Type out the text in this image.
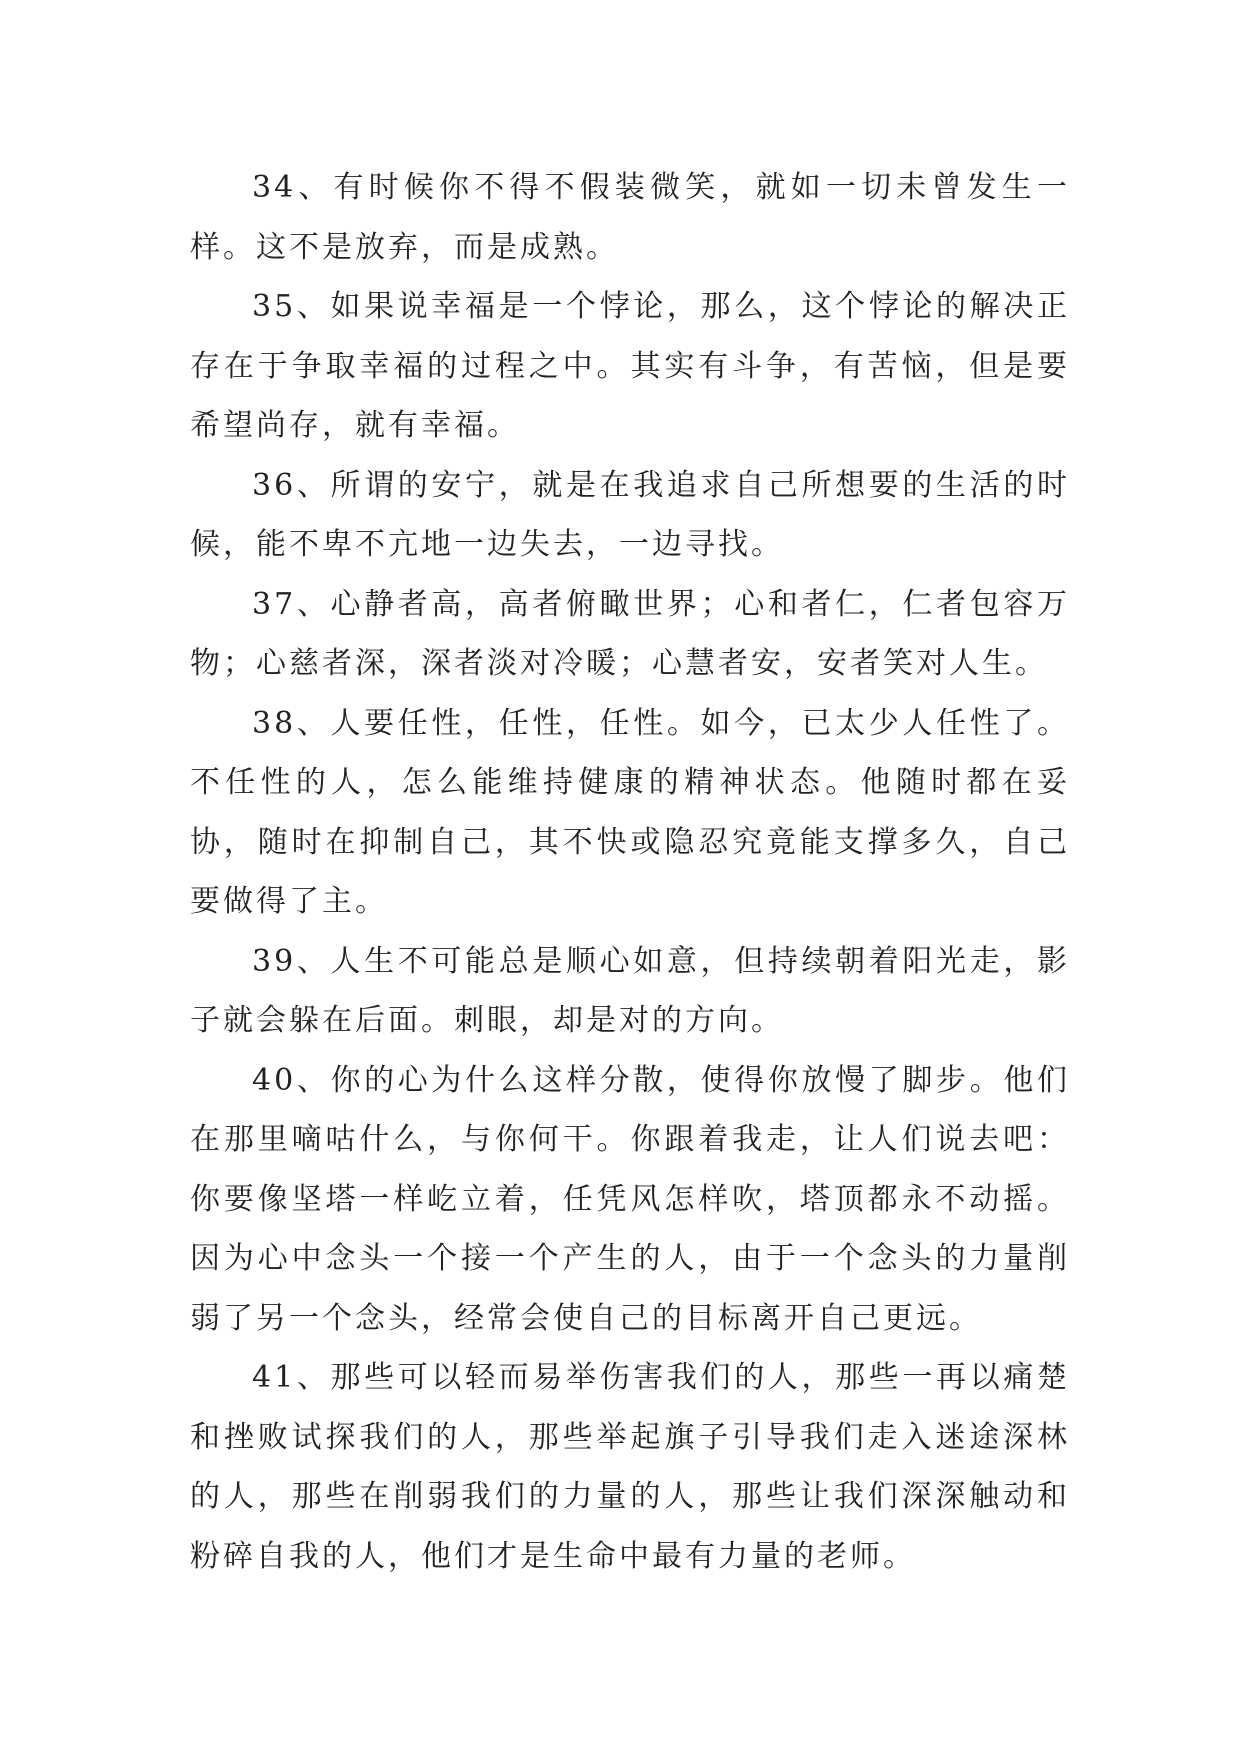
34、有时候你不得不假装微笑，就如一切未曾发生一样。这不是放弃，而是成熟。

35、如果说幸福是一个悖论，那么，这个悖论的解决正存在于争取幸福的过程之中。其实有斗争，有苦恼，但是要希望尚存，就有幸福。

36、所谓的安宁，就是在我追求自己所想要的生活的时候，能不卑不亢地一边失去，一边寻找。

37、心静者高，高者俯瞰世界；心和者仁，仁者包容万物；心慈者深，深者淡对冷暖；心慧者安，安者笑对人生。

38、人要任性，任性，任性。如今，已太少人任性了。不任性的人，怎么能维持健康的精神状态。他随时都在妥协，随时在抑制自己，其不快或隐忍究竟能支撑多久，自己要做得了主。

39、人生不可能总是顺心如意，但持续朝着阳光走，影子就会躲在后面。刺眼，却是对的方向。

40、你的心为什么这样分散，使得你放慢了脚步。他们在那里嘀咕什么，与你何干。你跟着我走，让人们说去吧：你要像坚塔一样屹立着，任凭风怎样吹，塔顶都永不动摇。因为心中念头一个接一个产生的人，由于一个念头的力量削弱了另一个念头，经常会使自己的目标离开自己更远。

41、那些可以轻而易举伤害我们的人，那些一再以痛楚和挫败试探我们的人，那些举起旗子引导我们走入迷途深林的人，那些在削弱我们的力量的人，那些让我们深深触动和粉碎自我的人，他们才是生命中最有力量的老师。
